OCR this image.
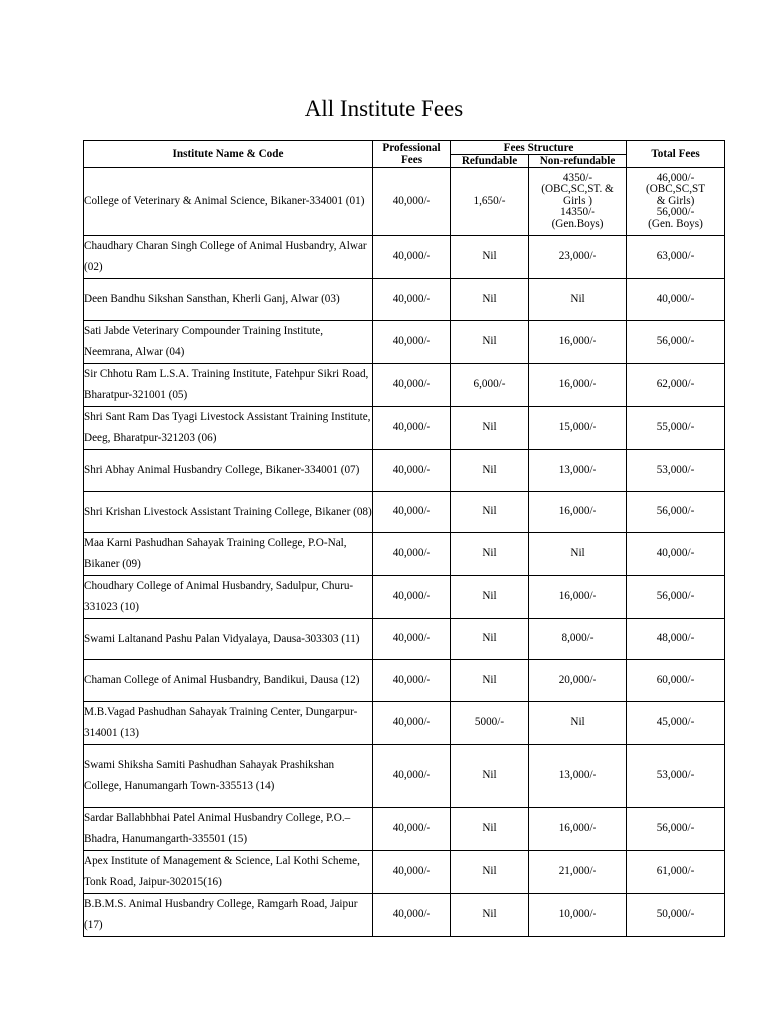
All Institute Fees
Institute Name & Code	Professional Fees	Fees Structure		Total Fees
		Refundable	Non-refundable	
College of Veterinary & Animal Science, Bikaner-334001 (01)	40,000/-	1,650/-	4350/-
(OBC,SC,ST. &
Girls )
14350/-
(Gen.Boys)	46,000/-
(OBC,SC,ST
& Girls)
56,000/-
(Gen. Boys)
Chaudhary Charan Singh College of Animal Husbandry, Alwar (02)	40,000/-	Nil	23,000/-	63,000/-
Deen Bandhu Sikshan Sansthan, Kherli Ganj, Alwar (03)	40,000/-	Nil	Nil	40,000/-
Sati Jabde Veterinary Compounder Training Institute, Neemrana, Alwar (04)	40,000/-	Nil	16,000/-	56,000/-
Sir Chhotu Ram L.S.A. Training Institute, Fatehpur Sikri Road, Bharatpur-321001 (05)	40,000/-	6,000/-	16,000/-	62,000/-
Shri Sant Ram Das Tyagi Livestock Assistant Training Institute, Deeg, Bharatpur-321203 (06)	40,000/-	Nil	15,000/-	55,000/-
Shri Abhay Animal Husbandry College, Bikaner-334001 (07)	40,000/-	Nil	13,000/-	53,000/-
Shri Krishan Livestock Assistant Training College, Bikaner (08)	40,000/-	Nil	16,000/-	56,000/-
Maa Karni Pashudhan Sahayak Training College, P.O-Nal, Bikaner (09)	40,000/-	Nil	Nil	40,000/-
Choudhary College of Animal Husbandry, Sadulpur, Churu-331023 (10)	40,000/-	Nil	16,000/-	56,000/-
Swami Laltanand Pashu Palan Vidyalaya, Dausa-303303 (11)	40,000/-	Nil	8,000/-	48,000/-
Chaman College of Animal Husbandry, Bandikui, Dausa (12)	40,000/-	Nil	20,000/-	60,000/-
M.B.Vagad Pashudhan Sahayak Training Center, Dungarpur-314001 (13)	40,000/-	5000/-	Nil	45,000/-
Swami Shiksha Samiti Pashudhan Sahayak Prashikshan College, Hanumangarh Town-335513 (14)	40,000/-	Nil	13,000/-	53,000/-
Sardar Ballabhbhai Patel Animal Husbandry College, P.O.–Bhadra, Hanumangarth-335501 (15)	40,000/-	Nil	16,000/-	56,000/-
Apex Institute of Management & Science, Lal Kothi Scheme, Tonk Road, Jaipur-302015(16)	40,000/-	Nil	21,000/-	61,000/-
B.B.M.S. Animal Husbandry College, Ramgarh Road, Jaipur (17)	40,000/-	Nil	10,000/-	50,000/-
